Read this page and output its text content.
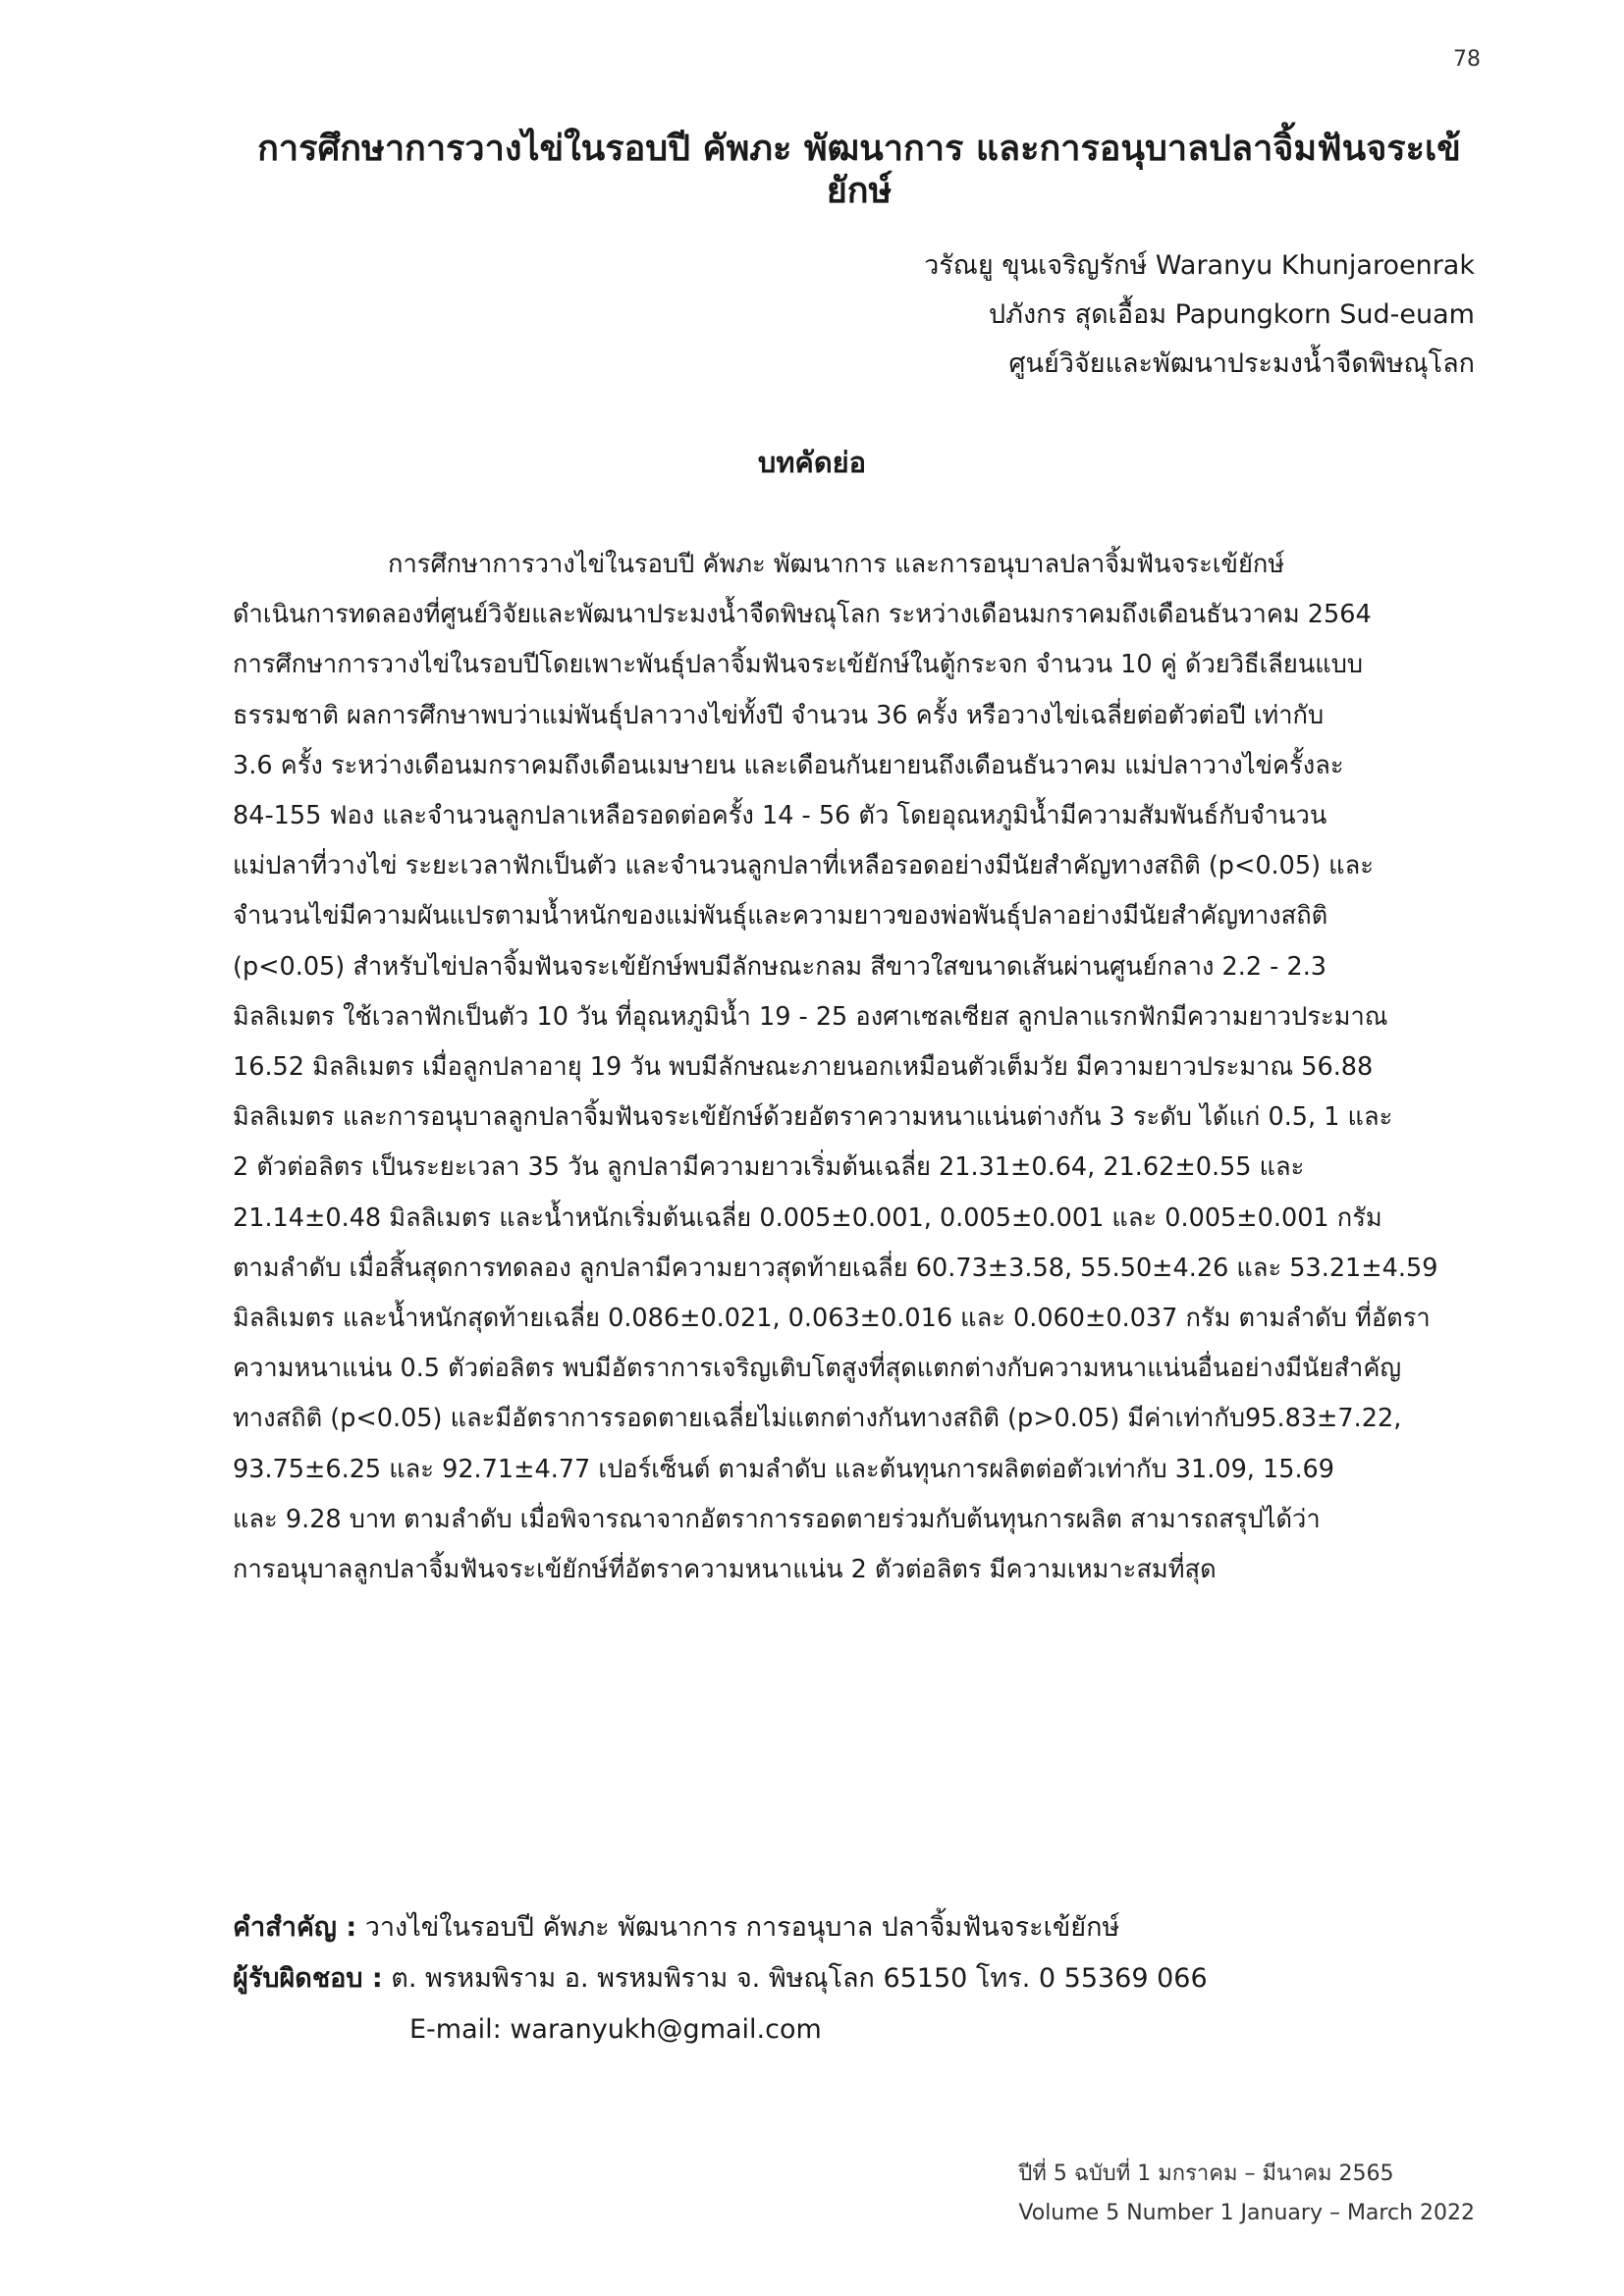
78
การศึกษาการวางไข่ในรอบปี คัพภะ พัฒนาการ และการอนุบาลปลาจิ้มฟันจระเข้ยักษ์
วรัณยู ขุนเจริญรักษ์ Waranyu Khunjaroenrak
ปภังกร สุดเอื้อม Papungkorn Sud-euam
ศูนย์วิจัยและพัฒนาประมงน้ำจืดพิษณุโลก
บทคัดย่อ
การศึกษาการวางไข่ในรอบปี คัพภะ พัฒนาการ และการอนุบาลปลาจิ้มฟันจระเข้ยักษ์
ดำเนินการทดลองที่ศูนย์วิจัยและพัฒนาประมงน้ำจืดพิษณุโลก ระหว่างเดือนมกราคมถึงเดือนธันวาคม 2564
การศึกษาการวางไข่ในรอบปีโดยเพาะพันธุ์ปลาจิ้มฟันจระเข้ยักษ์ในตู้กระจก จำนวน 10 คู่ ด้วยวิธีเลียนแบบ
ธรรมชาติ ผลการศึกษาพบว่าแม่พันธุ์ปลาวางไข่ทั้งปี จำนวน 36 ครั้ง หรือวางไข่เฉลี่ยต่อตัวต่อปี เท่ากับ
3.6 ครั้ง ระหว่างเดือนมกราคมถึงเดือนเมษายน และเดือนกันยายนถึงเดือนธันวาคม แม่ปลาวางไข่ครั้งละ
84-155 ฟอง และจำนวนลูกปลาเหลือรอดต่อครั้ง 14 - 56 ตัว โดยอุณหภูมิน้ำมีความสัมพันธ์กับจำนวน
แม่ปลาที่วางไข่ ระยะเวลาฟักเป็นตัว และจำนวนลูกปลาที่เหลือรอดอย่างมีนัยสำคัญทางสถิติ (p<0.05) และ
จำนวนไข่มีความผันแปรตามน้ำหนักของแม่พันธุ์และความยาวของพ่อพันธุ์ปลาอย่างมีนัยสำคัญทางสถิติ
(p<0.05) สำหรับไข่ปลาจิ้มฟันจระเข้ยักษ์พบมีลักษณะกลม สีขาวใสขนาดเส้นผ่านศูนย์กลาง 2.2 - 2.3
มิลลิเมตร ใช้เวลาฟักเป็นตัว 10 วัน ที่อุณหภูมิน้ำ 19 - 25 องศาเซลเซียส ลูกปลาแรกฟักมีความยาวประมาณ
16.52 มิลลิเมตร เมื่อลูกปลาอายุ 19 วัน พบมีลักษณะภายนอกเหมือนตัวเต็มวัย มีความยาวประมาณ 56.88
มิลลิเมตร และการอนุบาลลูกปลาจิ้มฟันจระเข้ยักษ์ด้วยอัตราความหนาแน่นต่างกัน 3 ระดับ ได้แก่ 0.5, 1 และ
2 ตัวต่อลิตร เป็นระยะเวลา 35 วัน ลูกปลามีความยาวเริ่มต้นเฉลี่ย 21.31±0.64, 21.62±0.55 และ
21.14±0.48 มิลลิเมตร และน้ำหนักเริ่มต้นเฉลี่ย 0.005±0.001, 0.005±0.001 และ 0.005±0.001 กรัม
ตามลำดับ เมื่อสิ้นสุดการทดลอง ลูกปลามีความยาวสุดท้ายเฉลี่ย 60.73±3.58, 55.50±4.26 และ 53.21±4.59
มิลลิเมตร และน้ำหนักสุดท้ายเฉลี่ย 0.086±0.021, 0.063±0.016 และ 0.060±0.037 กรัม ตามลำดับ ที่อัตรา
ความหนาแน่น 0.5 ตัวต่อลิตร พบมีอัตราการเจริญเติบโตสูงที่สุดแตกต่างกับความหนาแน่นอื่นอย่างมีนัยสำคัญ
ทางสถิติ (p<0.05) และมีอัตราการรอดตายเฉลี่ยไม่แตกต่างกันทางสถิติ (p>0.05) มีค่าเท่ากับ95.83±7.22,
93.75±6.25 และ 92.71±4.77 เปอร์เซ็นต์ ตามลำดับ และต้นทุนการผลิตต่อตัวเท่ากับ 31.09, 15.69
และ 9.28 บาท ตามลำดับ เมื่อพิจารณาจากอัตราการรอดตายร่วมกับต้นทุนการผลิต สามารถสรุปได้ว่า
การอนุบาลลูกปลาจิ้มฟันจระเข้ยักษ์ที่อัตราความหนาแน่น 2 ตัวต่อลิตร มีความเหมาะสมที่สุด
คำสำคัญ : วางไข่ในรอบปี คัพภะ พัฒนาการ การอนุบาล ปลาจิ้มฟันจระเข้ยักษ์
ผู้รับผิดชอบ : ต. พรหมพิราม อ. พรหมพิราม จ. พิษณุโลก 65150 โทร. 0 55369 066
E-mail: waranyukh@gmail.com
ปีที่ 5 ฉบับที่ 1 มกราคม – มีนาคม 2565
Volume 5 Number 1 January – March 2022
